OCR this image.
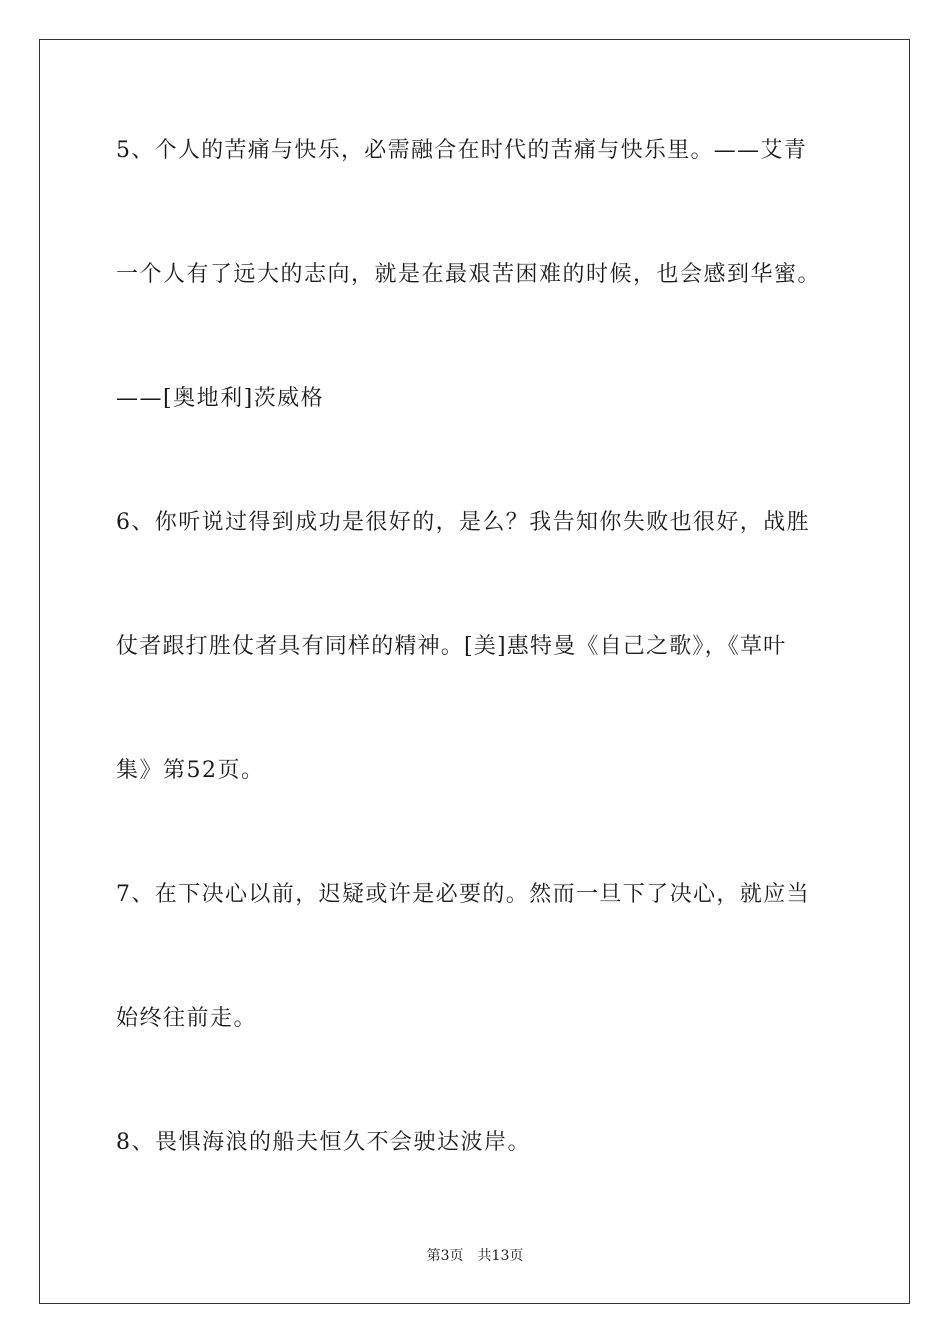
5、个人的苦痛与快乐，必需融合在时代的苦痛与快乐里。——艾青
一个人有了远大的志向，就是在最艰苦困难的时候，也会感到华蜜。
——[奥地利]茨威格
6、你听说过得到成功是很好的，是么？我告知你失败也很好，战胜
仗者跟打胜仗者具有同样的精神。[美]惠特曼《自己之歌》，《草叶
集》第52页。
7、在下决心以前，迟疑或许是必要的。然而一旦下了决心，就应当
始终往前走。
8、畏惧海浪的船夫恒久不会驶达波岸。
第3页 共13页
